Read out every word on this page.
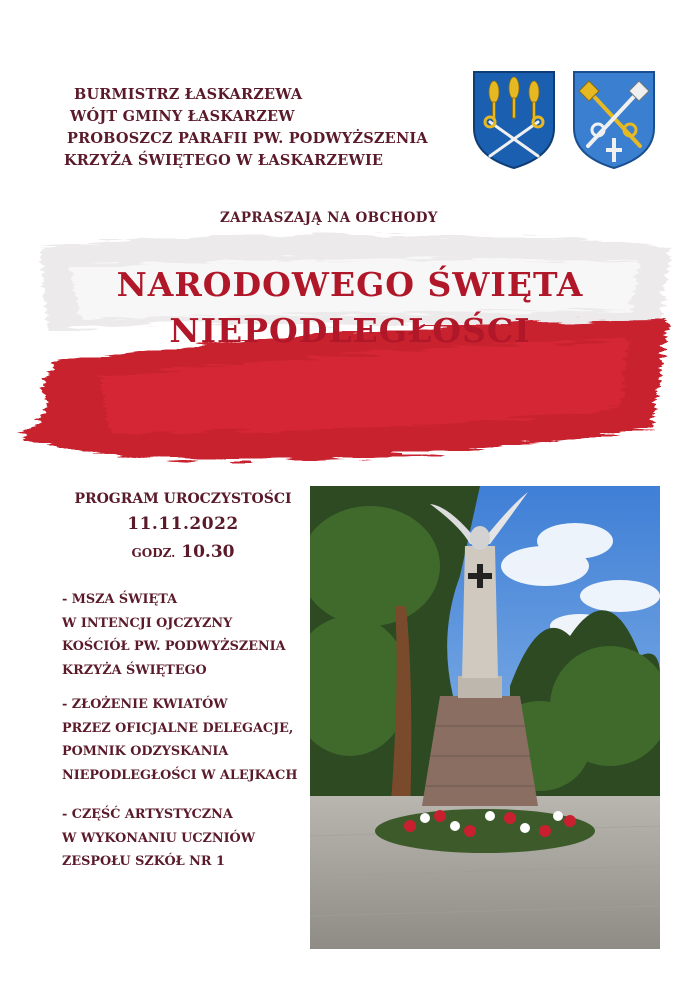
BURMISTRZ ŁASKARZEWA
WÓJT GMINY ŁASKARZEW
PROBOSZCZ PARAFII PW. PODWYŻSZENIA
KRZYŻA ŚWIĘTEGO W ŁASKARZEWIE
ZAPRASZAJĄ NA OBCHODY
NARODOWEGO ŚWIĘTA
NIEPODLEGŁOŚCI
PROGRAM UROCZYSTOŚCI
11.11.2022
GODZ. 10.30
- MSZA ŚWIĘTA
W INTENCJI OJCZYZNY
KOŚCIÓŁ PW. PODWYŻSZENIA
KRZYŻA ŚWIĘTEGO
- ZŁOŻENIE KWIATÓW
PRZEZ OFICJALNE DELEGACJE,
POMNIK ODZYSKANIA
NIEPODLEGŁOŚCI W ALEJKACH
- CZĘŚĆ ARTYSTYCZNA
W WYKONANIU UCZNIÓW
ZESPOŁU SZKÓŁ NR 1
